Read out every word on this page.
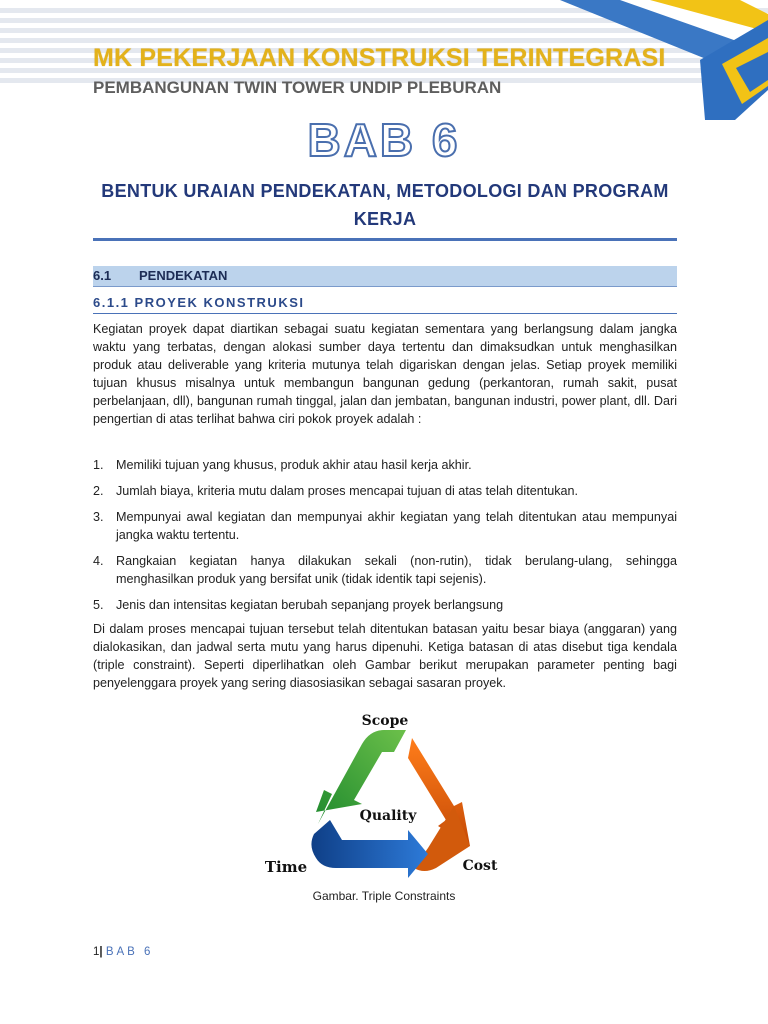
MK PEKERJAAN KONSTRUKSI TERINTEGRASI
PEMBANGUNAN TWIN TOWER UNDIP PLEBURAN
BAB 6
BENTUK URAIAN PENDEKATAN, METODOLOGI DAN PROGRAM
KERJA
6.1 PENDEKATAN
6.1.1 PROYEK KONSTRUKSI

Kegiatan proyek dapat diartikan sebagai suatu kegiatan sementara yang berlangsung dalam jangka waktu yang terbatas, dengan alokasi sumber daya tertentu dan dimaksudkan untuk menghasilkan produk atau deliverable yang kriteria mutunya telah digariskan dengan jelas. Setiap proyek memiliki tujuan khusus misalnya untuk membangun bangunan gedung (perkantoran, rumah sakit, pusat perbelanjaan, dll), bangunan rumah tinggal, jalan dan jembatan, bangunan industri, power plant, dll. Dari pengertian di atas terlihat bahwa ciri pokok proyek adalah :

1. Memiliki tujuan yang khusus, produk akhir atau hasil kerja akhir.
2. Jumlah biaya, kriteria mutu dalam proses mencapai tujuan di atas telah ditentukan.
3. Mempunyai awal kegiatan dan mempunyai akhir kegiatan yang telah ditentukan atau mempunyai jangka waktu tertentu.
4. Rangkaian kegiatan hanya dilakukan sekali (non-rutin), tidak berulang-ulang, sehingga menghasilkan produk yang bersifat unik (tidak identik tapi sejenis).
5. Jenis dan intensitas kegiatan berubah sepanjang proyek berlangsung

Di dalam proses mencapai tujuan tersebut telah ditentukan batasan yaitu besar biaya (anggaran) yang dialokasikan, dan jadwal serta mutu yang harus dipenuhi. Ketiga batasan di atas disebut tiga kendala (triple constraint). Seperti diperlihatkan oleh Gambar berikut merupakan parameter penting bagi penyelenggara proyek yang sering diasosiasikan sebagai sasaran proyek.

Scope
Quality
Time	Cost
Gambar. Triple Constraints
1| BAB 6
